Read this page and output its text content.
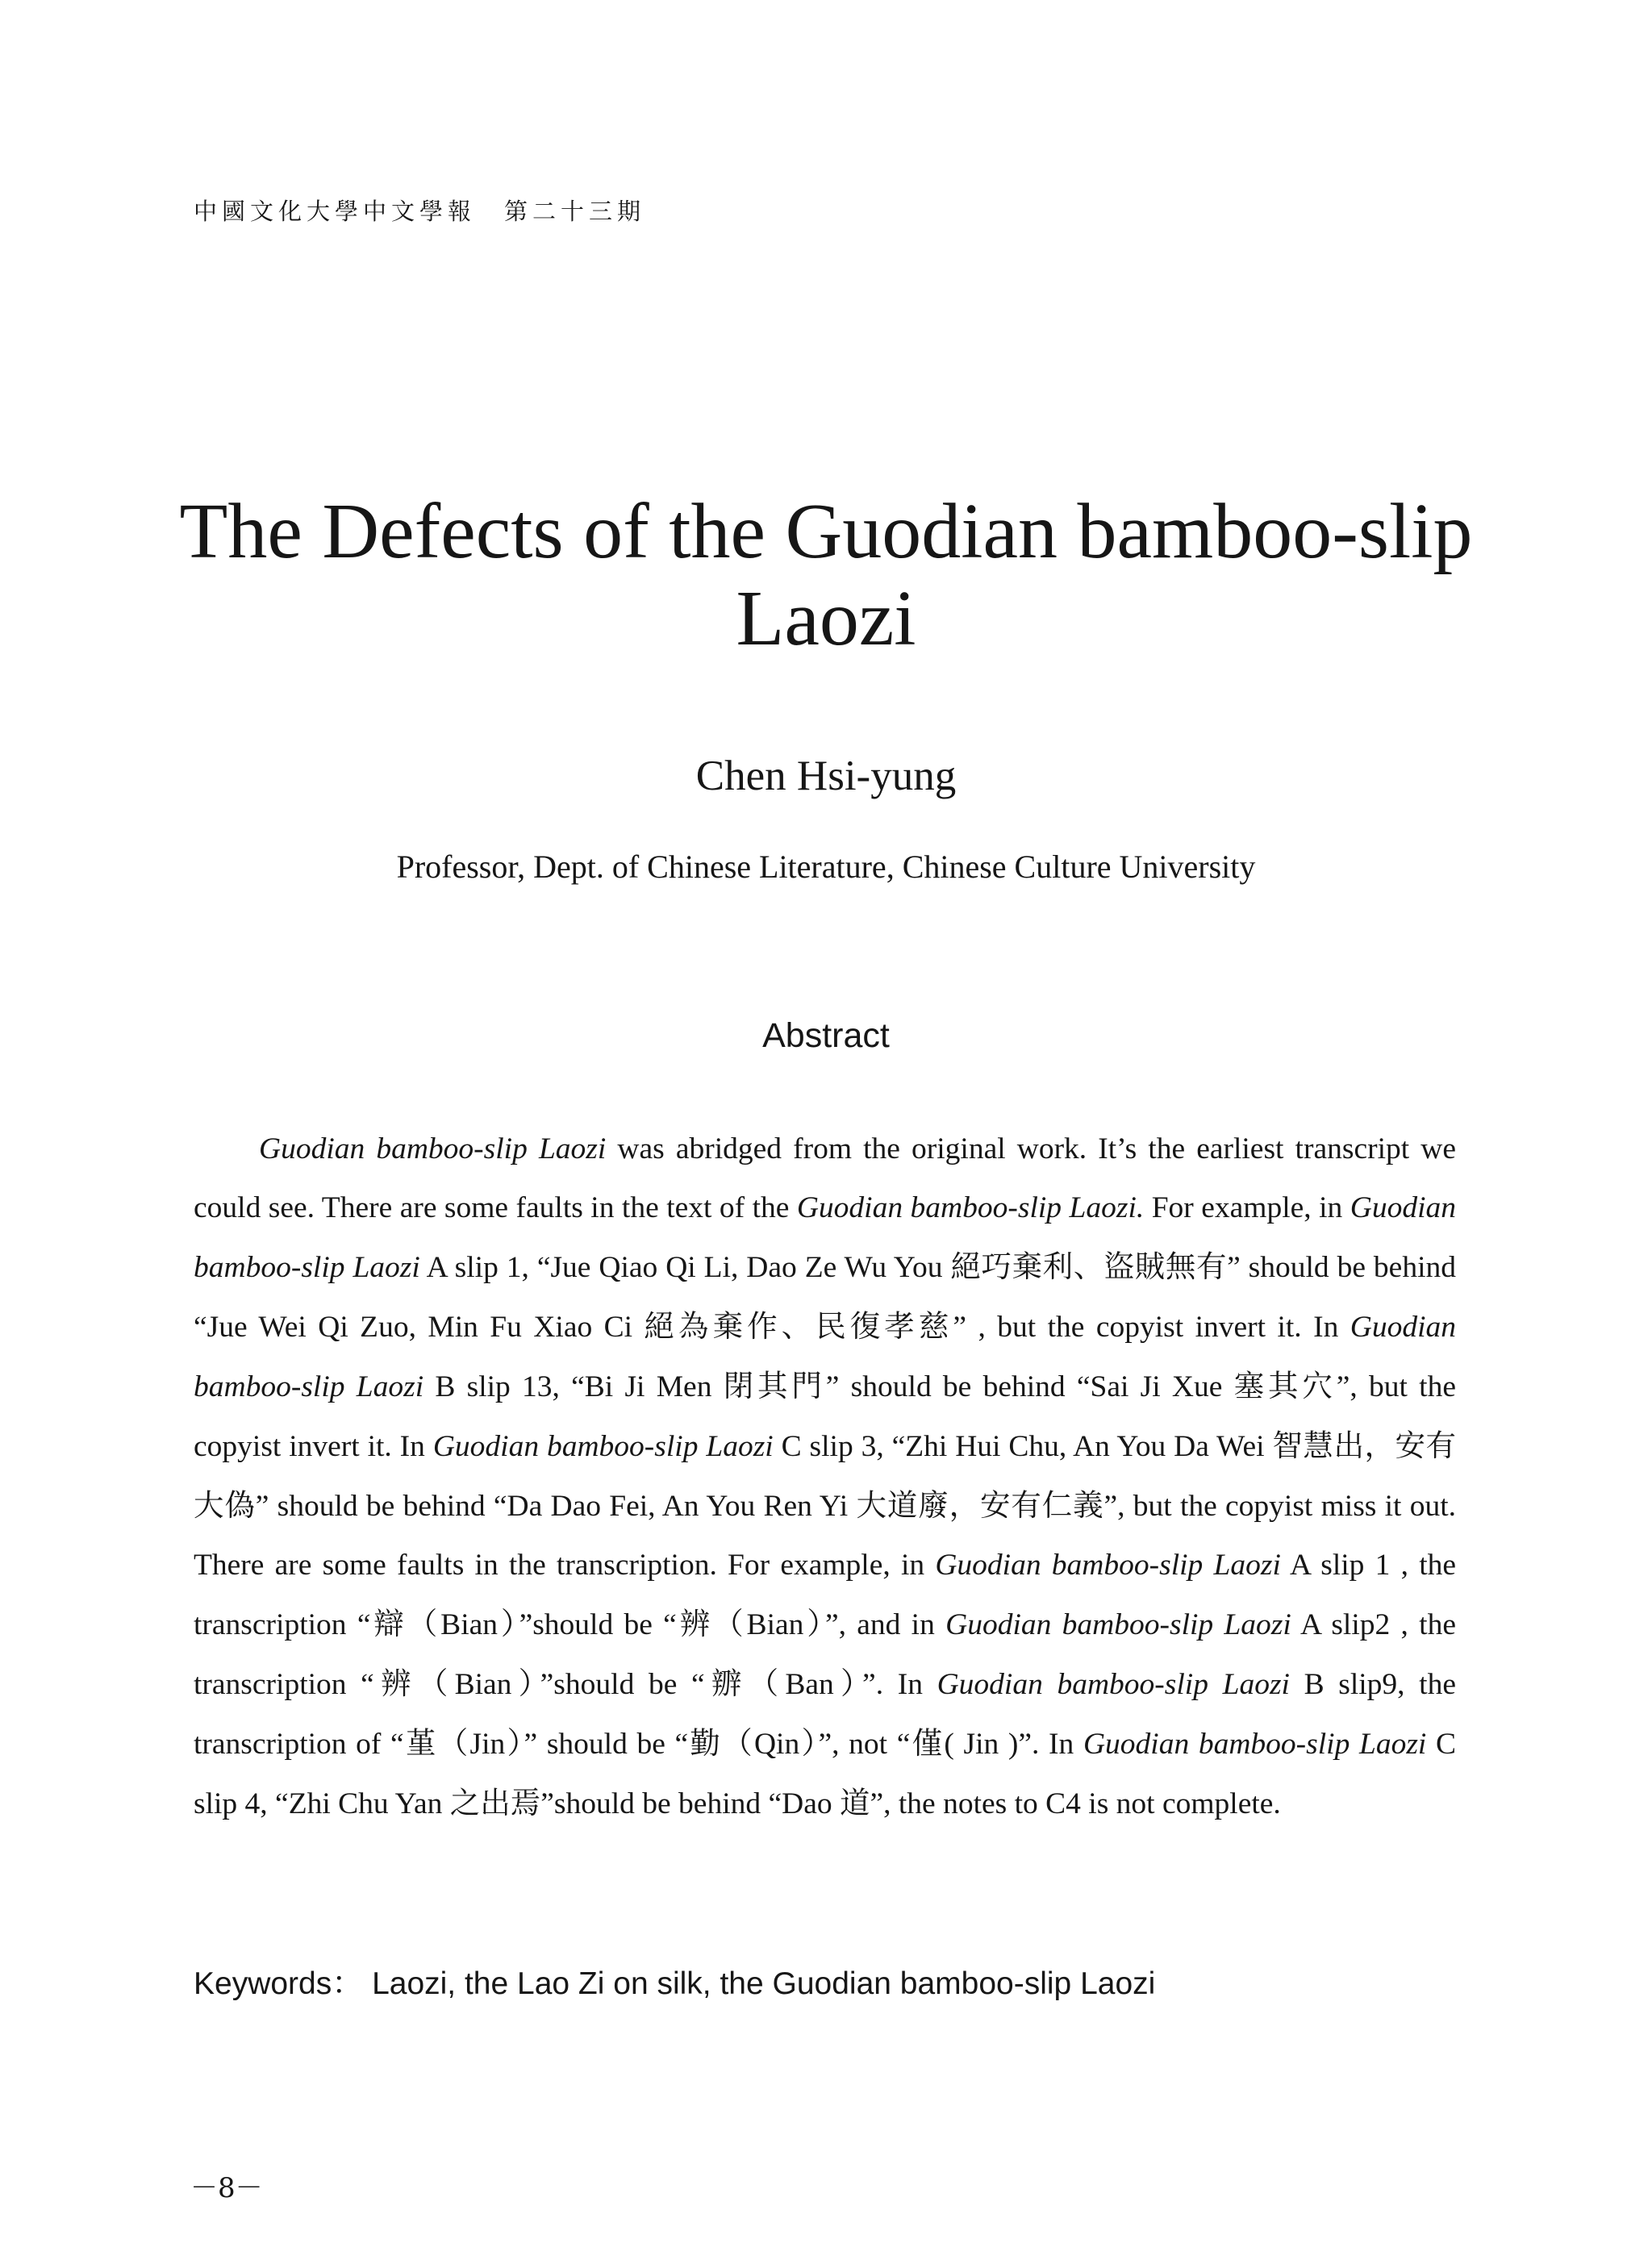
中國文化大學中文學報　第二十三期
The Defects of the Guodian bamboo-slip Laozi
Chen Hsi-yung
Professor, Dept. of Chinese Literature, Chinese Culture University
Abstract

Guodian bamboo-slip Laozi was abridged from the original work. It’s the earliest transcript we could see. There are some faults in the text of the Guodian bamboo-slip Laozi. For example, in Guodian bamboo-slip Laozi A slip 1, “Jue Qiao Qi Li, Dao Ze Wu You 絕巧棄利、盜賊無有” should be behind “Jue Wei Qi Zuo, Min Fu Xiao Ci 絕為棄作、民復孝慈” , but the copyist invert it. In Guodian bamboo-slip Laozi B slip 13, “Bi Ji Men 閉其門” should be behind “Sai Ji Xue 塞其穴”, but the copyist invert it. In Guodian bamboo-slip Laozi C slip 3, “Zhi Hui Chu, An You Da Wei 智慧出，安有大偽” should be behind “Da Dao Fei, An You Ren Yi 大道廢，安有仁義”, but the copyist miss it out. There are some faults in the transcription. For example, in Guodian bamboo-slip Laozi A slip 1 , the transcription “辯（Bian）”should be “辨（Bian）”, and in Guodian bamboo-slip Laozi A slip2 , the transcription “辨（Bian）”should be “辧（Ban）”. In Guodian bamboo-slip Laozi B slip9, the transcription of “堇（Jin）” should be “勤（Qin）”, not “僅( Jin )”. In Guodian bamboo-slip Laozi C slip 4, “Zhi Chu Yan 之出焉”should be behind “Dao 道”, the notes to C4 is not complete.

Keywords： Laozi, the Lao Zi on silk, the Guodian bamboo-slip Laozi
－8－
